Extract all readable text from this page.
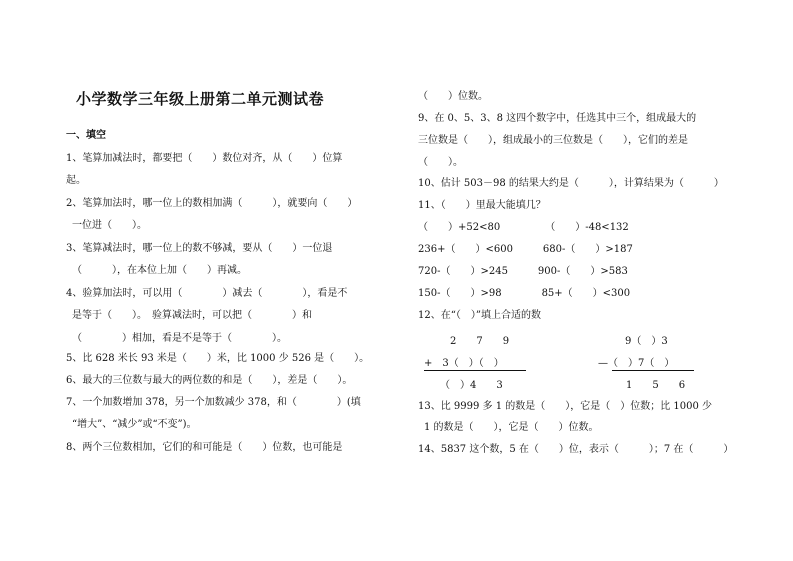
小学数学三年级上册第二单元测试卷
一、填空
1、笔算加减法时，都要把（　　）数位对齐，从（　　）位算
起。
2、笔算加法时，哪一位上的数相加满（　　　），就要向（　　）
一位进（　　）。
3、笔算减法时，哪一位上的数不够减，要从（　　）一位退
（　　　），在本位上加（　　）再减。
4、验算加法时，可以用（　　　　）减去（　　　　），看是不
是等于（　　）。　验算减法时，可以把（　　　　）和
（　　　　）相加，看是不是等于（　　　　）。
5、比 628 米长 93 米是（　　）米，比 1000 少 526 是（　　）。
6、最大的三位数与最大的两位数的和是（　　），差是（　　）。
7、一个加数增加 378，另一个加数减少 378，和（　　　　）(填
“增大”、“减少”或“不变”)。
8、两个三位数相加，它们的和可能是（　　）位数，也可能是
（　　）位数。
9、在 0、5、3、8 这四个数字中，任选其中三个，组成最大的
三位数是（　　），组成最小的三位数是（　　），它们的差是
（　　）。
10、估计 503－98 的结果大约是（　　　），计算结果为（　　　）
11、（　　）里最大能填几？
（　　）+52<80　　　　　（　　）-48<132
236+（　　）<600　　　680-（　　）>187
720-（　　）>245　　　900-（　　）>583
150-（　　）>98　　　　85+（　　）<300
12、在“（　）”填上合适的数
2　　7　　9
+　3（　）（　）
（　）4　　3
9（　）3
—（　）7（　）
1　　5　　6
13、比 9999 多 1 的数是（　　），它是（　）位数；比 1000 少
1 的数是（　　），它是（　　）位数。
14、5837 这个数，5 在（　　）位，表示（　　　）；7 在（　　　）
